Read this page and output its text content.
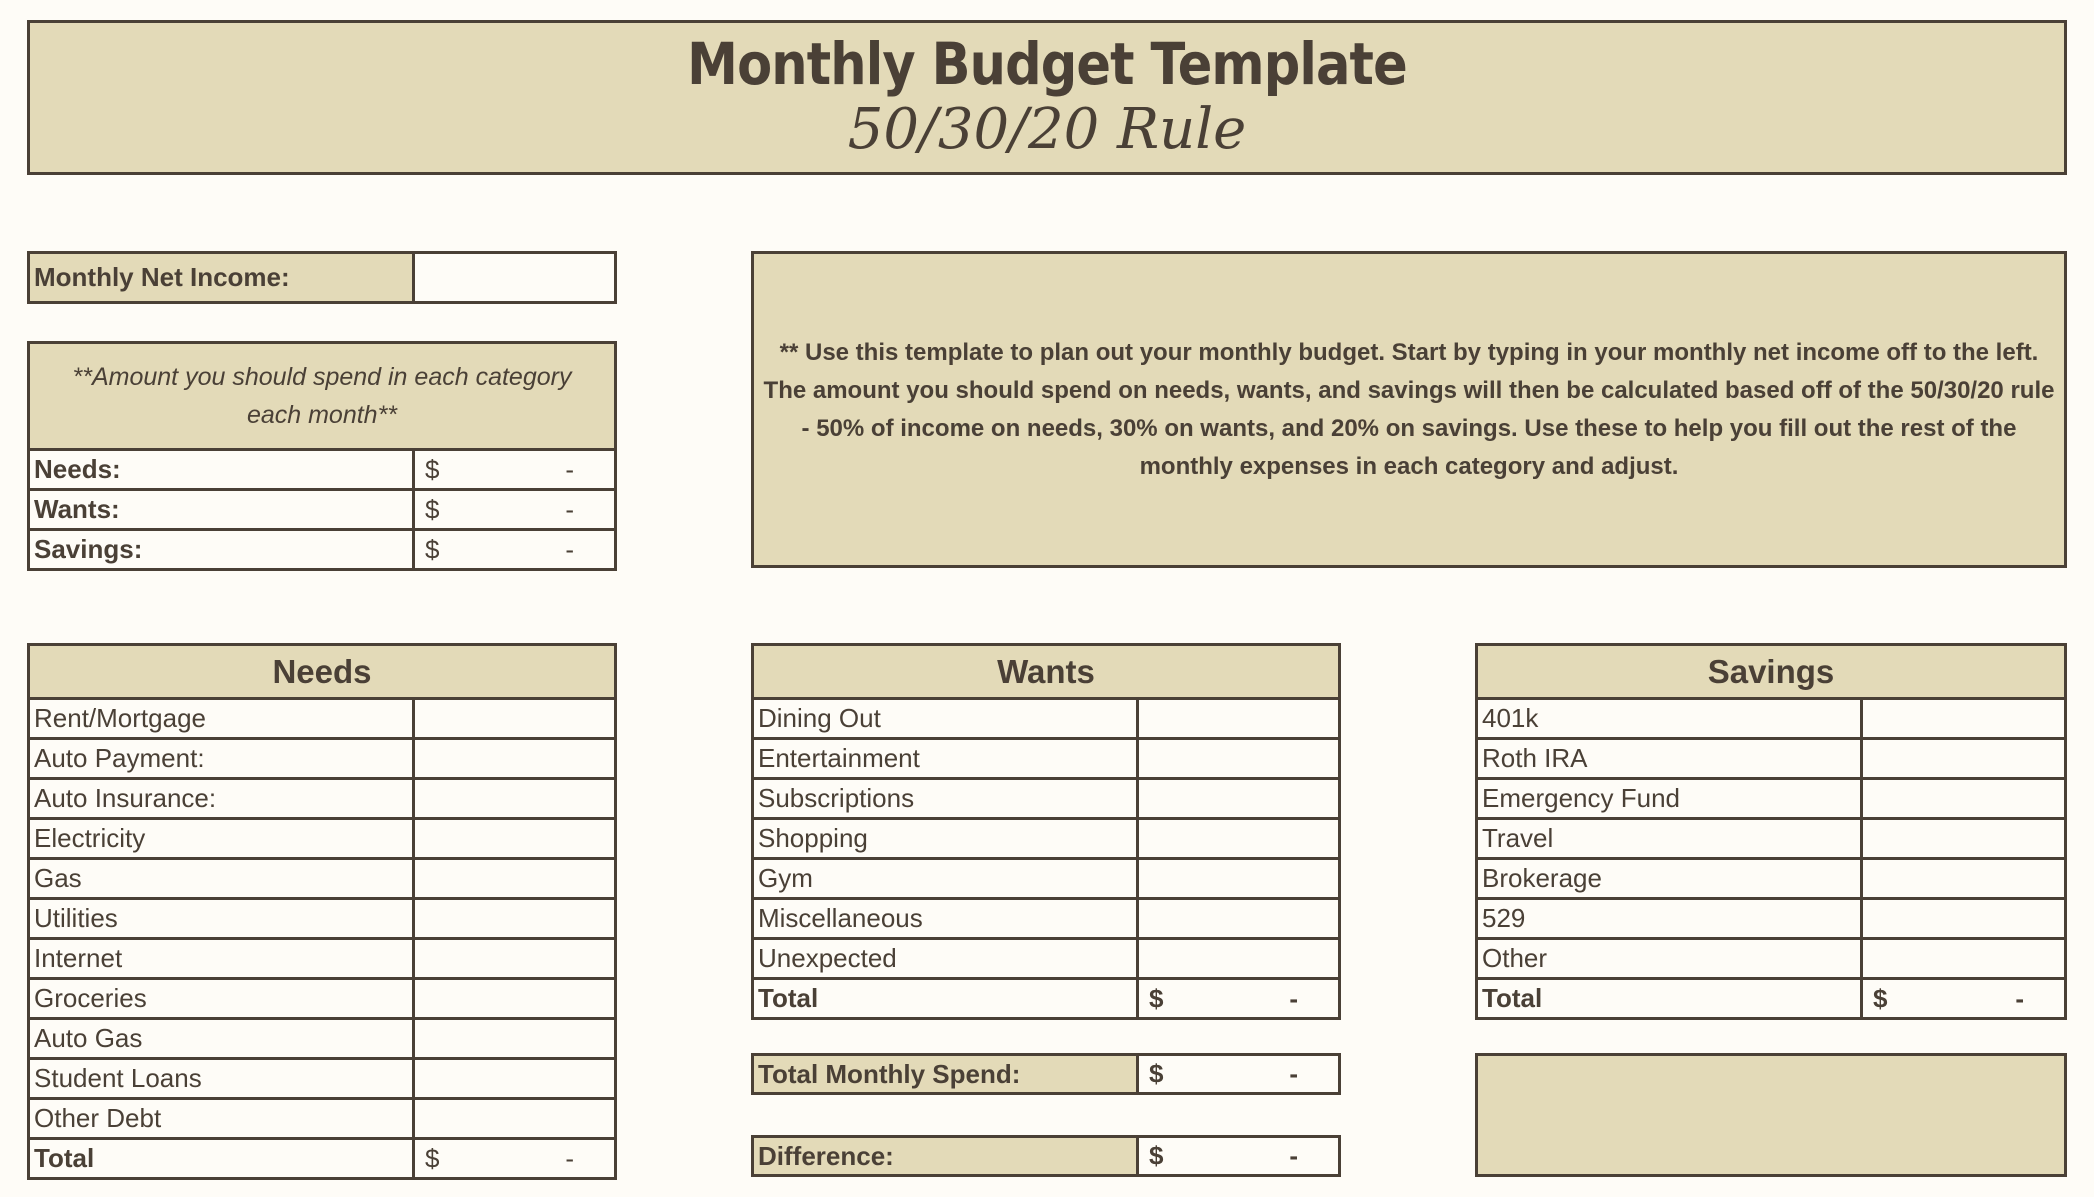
Monthly Budget Template
50/30/20 Rule
Monthly Net Income:	
**Amount you should spend in each category each month**	
Needs:	$ -

Wants:	$ -

Savings:	$ -
** Use this template to plan out your monthly budget. Start by typing in your monthly net income off to the left. The amount you should spend on needs, wants, and savings will then be calculated based off of the 50/30/20 rule - 50% of income on needs, 30% on wants, and 20% on savings. Use these to help you fill out the rest of the monthly expenses in each category and adjust.
Needs	
Rent/Mortgage	
Auto Payment:	
Auto Insurance:	
Electricity	
Gas	
Utilities	
Internet	
Groceries	
Auto Gas	
Student Loans	
Other Debt	
Total	$ -
Wants	
Dining Out	
Entertainment	
Subscriptions	
Shopping	
Gym	
Miscellaneous	
Unexpected	
Total	$ -
Total Monthly Spend:	$	-
Difference:	$	-
Savings	
401k	
Roth IRA	
Emergency Fund	
Travel	
Brokerage	
529	
Other	
Total	$ -
